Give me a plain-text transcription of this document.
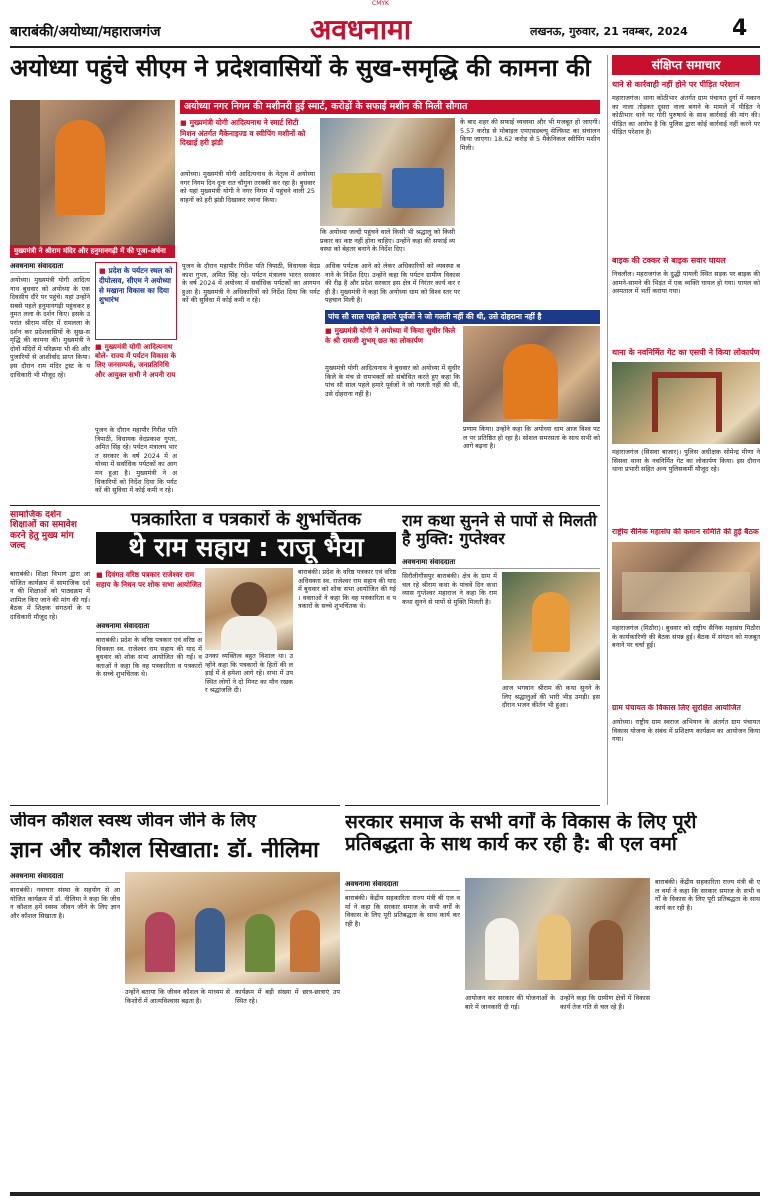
CMYK
बाराबंकी/अयोध्या/महाराजगंज	अवधनामा	लखनऊ, गुरुवार, 21 नवम्बर, 2024 4
अयोध्या पहुंचे सीएम ने प्रदेशवासियों के सुख-समृद्धि की कामना की
मुख्यमंत्री ने श्रीराम मंदिर और हनुमानगढ़ी में की पूजा-अर्चना
अयोध्या नगर निगम की मशीनरी हुई स्मार्ट, करोड़ों के सफाई मशीन की मिली सौगात
■ मुख्यमंत्री योगी आदित्यनाथ ने स्मार्ट सिटी मिशन अंतर्गत मैकेनाइज्ड व स्वीपिंग मशीनों को दिखाई हरी झंडी
अयोध्या। मुख्यमंत्री योगी आदित्यनाथ के नेतृत्व में अयोध्या नगर निगम दिन दूना रात चौगुना तरक्की कर रहा है। बुधवार को यहां मुख्यमंत्री योगी ने नगर निगम में पहुंचने वाली 25 वाहनों को हरी झंडी दिखाकर रवाना किया।
कि अयोध्या जल्दी पहुंचने वाले किसी भी श्रद्धालु को किसी प्रकार का कष्ट नहीं होना चाहिए। उन्होंने कहा की सफाई व्यवस्था को बेहतर बनाने के निर्देश दिए।
के बाद शहर की सफाई व्यवस्था और भी मजबूत हो जाएगी। 5.57 करोड़ से मोबाइल एमएसडब्ल्यू सेल्फ़िस्ट का संचालन किया जाएगा। 18.62 करोड़ से 5 मैकेनिकल स्वीपिंग मशीन मिली।
अवधनामा संवाददाता
अयोध्या। मुख्यमंत्री योगी आदित्यनाथ बुधवार को अयोध्या के एक दिवसीय दौरे पर पहुंचे। यहां उन्होंने सबसे पहले हनुमानगढ़ी पहुंचकर हनुमत लला के दर्शन किए। इसके उपरांत श्रीराम मंदिर में रामलला के दर्शन कर प्रदेशवासियों के सुख-समृद्धि की कामना की। मुख्यमंत्री ने दोनों मंदिरों में परिक्रमा भी की और पुजारियों से आशीर्वाद प्राप्त किया। इस दौरान राम मंदिर ट्रस्ट के पदाधिकारी भी मौजूद रहे।
■ प्रदेश के पर्यटन स्थल को दीपोत्सव, सीएम ने अयोध्या से मखाना विकास का दिया शुभारंभ
■ मुख्यमंत्री योगी आदित्यनाथ बोले- राज्य में पर्यटन विकास के लिए जनसम्पर्क, जनप्रतिनिधि और आयुक्त सभी ने अपनी राय
पूजन के दौरान महापौर गिरीश पति त्रिपाठी, विधायक वेदप्रकाश गुप्ता, अमित सिंह रहे। पर्यटन मंत्रालय भारत सरकार के वर्ष 2024 में अयोध्या में सर्वाधिक पर्यटकों का आगमन हुआ है। मुख्यमंत्री ने अधिकारियों को निर्देश दिया कि पर्यटकों की सुविधा में कोई कमी न रहे।
पूजन के दौरान महापौर गिरीश पति त्रिपाठी, विधायक वेदप्रकाश गुप्ता, अमित सिंह रहे। पर्यटन मंत्रालय भारत सरकार के वर्ष 2024 में अयोध्या में सर्वाधिक पर्यटकों का आगमन हुआ है। मुख्यमंत्री ने अधिकारियों को निर्देश दिया कि पर्यटकों की सुविधा में कोई कमी न रहे।
अधिक पर्यटक आने को लेकर अधिकारियों को व्यवस्था बनाने के निर्देश दिए। उन्होंने कहा कि पर्यटन ग्रामीण विकास की रीढ़ है और प्रदेश सरकार इस क्षेत्र में निरंतर कार्य कर रही है। मुख्यमंत्री ने कहा कि अयोध्या धाम को विश्व स्तर पर पहचान मिली है।
पांच सौ साल पहले हमारे पूर्वजों ने जो गलती नहीं की थी, उसे दोहराना नहीं है
■ मुख्यमंत्री योगी ने अयोध्या में किया सुधीर किले के श्री रामजी शुभम् छत का लोकार्पण
मुख्यमंत्री योगी आदित्यनाथ ने बुधवार को अयोध्या में सुधीर किले के मंच से रामभक्तों को संबोधित करते हुए कहा कि पांच सौ साल पहले हमारे पूर्वजों ने जो गलती नहीं की थी, उसे दोहराना नहीं है।
प्रणाम किया। उन्होंने कहा कि अयोध्या धाम आज विश्व पटल पर प्रतिष्ठित हो रहा है। सोशल समरसता के साथ सभी को आगे बढ़ना है।
सामाजिक दर्शन शिक्षाओं का समावेश करने हेतु मुख्य मांग जल्द
बाराबंकी। शिक्षा विभाग द्वारा आयोजित कार्यक्रम में सामाजिक दर्शन की शिक्षाओं को पाठ्यक्रम में शामिल किए जाने की मांग की गई। बैठक में शिक्षक संगठनों के पदाधिकारी मौजूद रहे।
पत्रकारिता व पत्रकारों के शुभचिंतक
थे राम सहाय : राजू भैया
■ दिवंगत वरिष्ठ पत्रकार राजेश्वर राम सहाय के निधन पर शोक सभा आयोजित
अवधनामा संवाददाता
बाराबंकी। प्रदेश के वरिष्ठ पत्रकार एवं वरिष्ठ अधिवक्ता स्व. राजेश्वर राम सहाय की याद में बुधवार को शोक सभा आयोजित की गई। वक्ताओं ने कहा कि वह पत्रकारिता व पत्रकारों के सच्चे शुभचिंतक थे।
उनका व्यक्तित्व बहुत विशाल था। उन्होंने कहा कि पत्रकारों के हितों की लड़ाई में वे हमेशा आगे रहे। सभा में उपस्थित लोगों ने दो मिनट का मौन रखकर श्रद्धांजलि दी।
बाराबंकी। प्रदेश के वरिष्ठ पत्रकार एवं वरिष्ठ अधिवक्ता स्व. राजेश्वर राम सहाय की याद में बुधवार को शोक सभा आयोजित की गई। वक्ताओं ने कहा कि वह पत्रकारिता व पत्रकारों के सच्चे शुभचिंतक थे।
राम कथा सुनने से पापों से मिलती है मुक्ति: गुप्तेश्वर
अवधनामा संवाददाता
सिरौलीगौसपुर बाराबंकी। क्षेत्र के ग्राम में चल रहे श्रीराम कथा के पांचवें दिन कथा व्यास गुप्तेश्वर महाराज ने कहा कि राम कथा सुनने से पापों से मुक्ति मिलती है।
आज भगवान श्रीराम की कथा सुनने के लिए श्रद्धालुओं की भारी भीड़ उमड़ी। इस दौरान भजन कीर्तन भी हुआ।
जीवन कौशल स्वस्थ जीवन जीने के लिए
ज्ञान और कौशल सिखाता: डॉ. नीलिमा
अवधनामा संवाददाता
बाराबंकी। नवाचार संस्था के सहयोग से आयोजित कार्यक्रम में डॉ. नीलिमा ने कहा कि जीवन कौशल हमें स्वस्थ जीवन जीने के लिए ज्ञान और कौशल सिखाता है।
उन्होंने बताया कि जीवन कौशल के माध्यम से किशोरों में आत्मविश्वास बढ़ता है।
कार्यक्रम में बड़ी संख्या में छात्र-छात्राएं उपस्थित रहे।
सरकार समाज के सभी वर्गों के विकास के लिए पूरी प्रतिबद्धता के साथ कार्य कर रही है: बी एल वर्मा
अवधनामा संवाददाता
बाराबंकी। केंद्रीय सहकारिता राज्य मंत्री बी एल वर्मा ने कहा कि सरकार समाज के सभी वर्गों के विकास के लिए पूरी प्रतिबद्धता के साथ कार्य कर रही है।
आयोजन कर सरकार की योजनाओं के बारे में जानकारी दी गई।
उन्होंने कहा कि ग्रामीण क्षेत्रों में विकास कार्य तेज गति से चल रहे हैं।
बाराबंकी। केंद्रीय सहकारिता राज्य मंत्री बी एल वर्मा ने कहा कि सरकार समाज के सभी वर्गों के विकास के लिए पूरी प्रतिबद्धता के साथ कार्य कर रही है।
संक्षिप्त समाचार
थाने से कार्रवाही नहीं होने पर पीड़ित परेशान
महाराजगंज। थाना कोठीभार अंतर्गत ग्राम पंचायत दुर्गा में मकान का नाला तोड़कर दूसरा नाला बनाने के मामले में पीड़ित ने कोठीभार थाने पर गोरी पुरुषार्थ के साथ कार्रवाई की मांग की। पीड़ित का आरोप है कि पुलिस द्वारा कोई कार्रवाई नहीं करने पर पीड़ित परेशान है।
बाइक की टक्कर से बाइक सवार घायल
निचलौल। महराजगंज के दुद्धी पायली स्थित सड़क पर बाइक की आमने-सामने की भिड़ंत में एक व्यक्ति घायल हो गया। घायल को अस्पताल में भर्ती कराया गया।
थाना के नवनिर्मित गेट का एसपी ने किया लोकार्पण
महाराजगंज (सिसवा बाजार)। पुलिस अधीक्षक सोमेन्द्र मीणा ने सिसवा थाना के नवनिर्मित गेट का लोकार्पण किया। इस दौरान थाना प्रभारी सहित अन्य पुलिसकर्मी मौजूद रहे।
राष्ट्रीय सैनिक महासंघ की कमान समिति की हुई बैठक
महाराजगंज (मिठौरा)। बुधवार को राष्ट्रीय सैनिक महासंघ मिठौरा के कार्यकारिणी की बैठक संपन्न हुई। बैठक में संगठन को मजबूत बनाने पर चर्चा हुई।
ग्राम पंचायत के विकास लिए सुरक्षित आयोजित
अयोध्या। राष्ट्रीय ग्राम स्वराज अभियान के अंतर्गत ग्राम पंचायत विकास योजना के संबंध में प्रशिक्षण कार्यक्रम का आयोजन किया गया।
